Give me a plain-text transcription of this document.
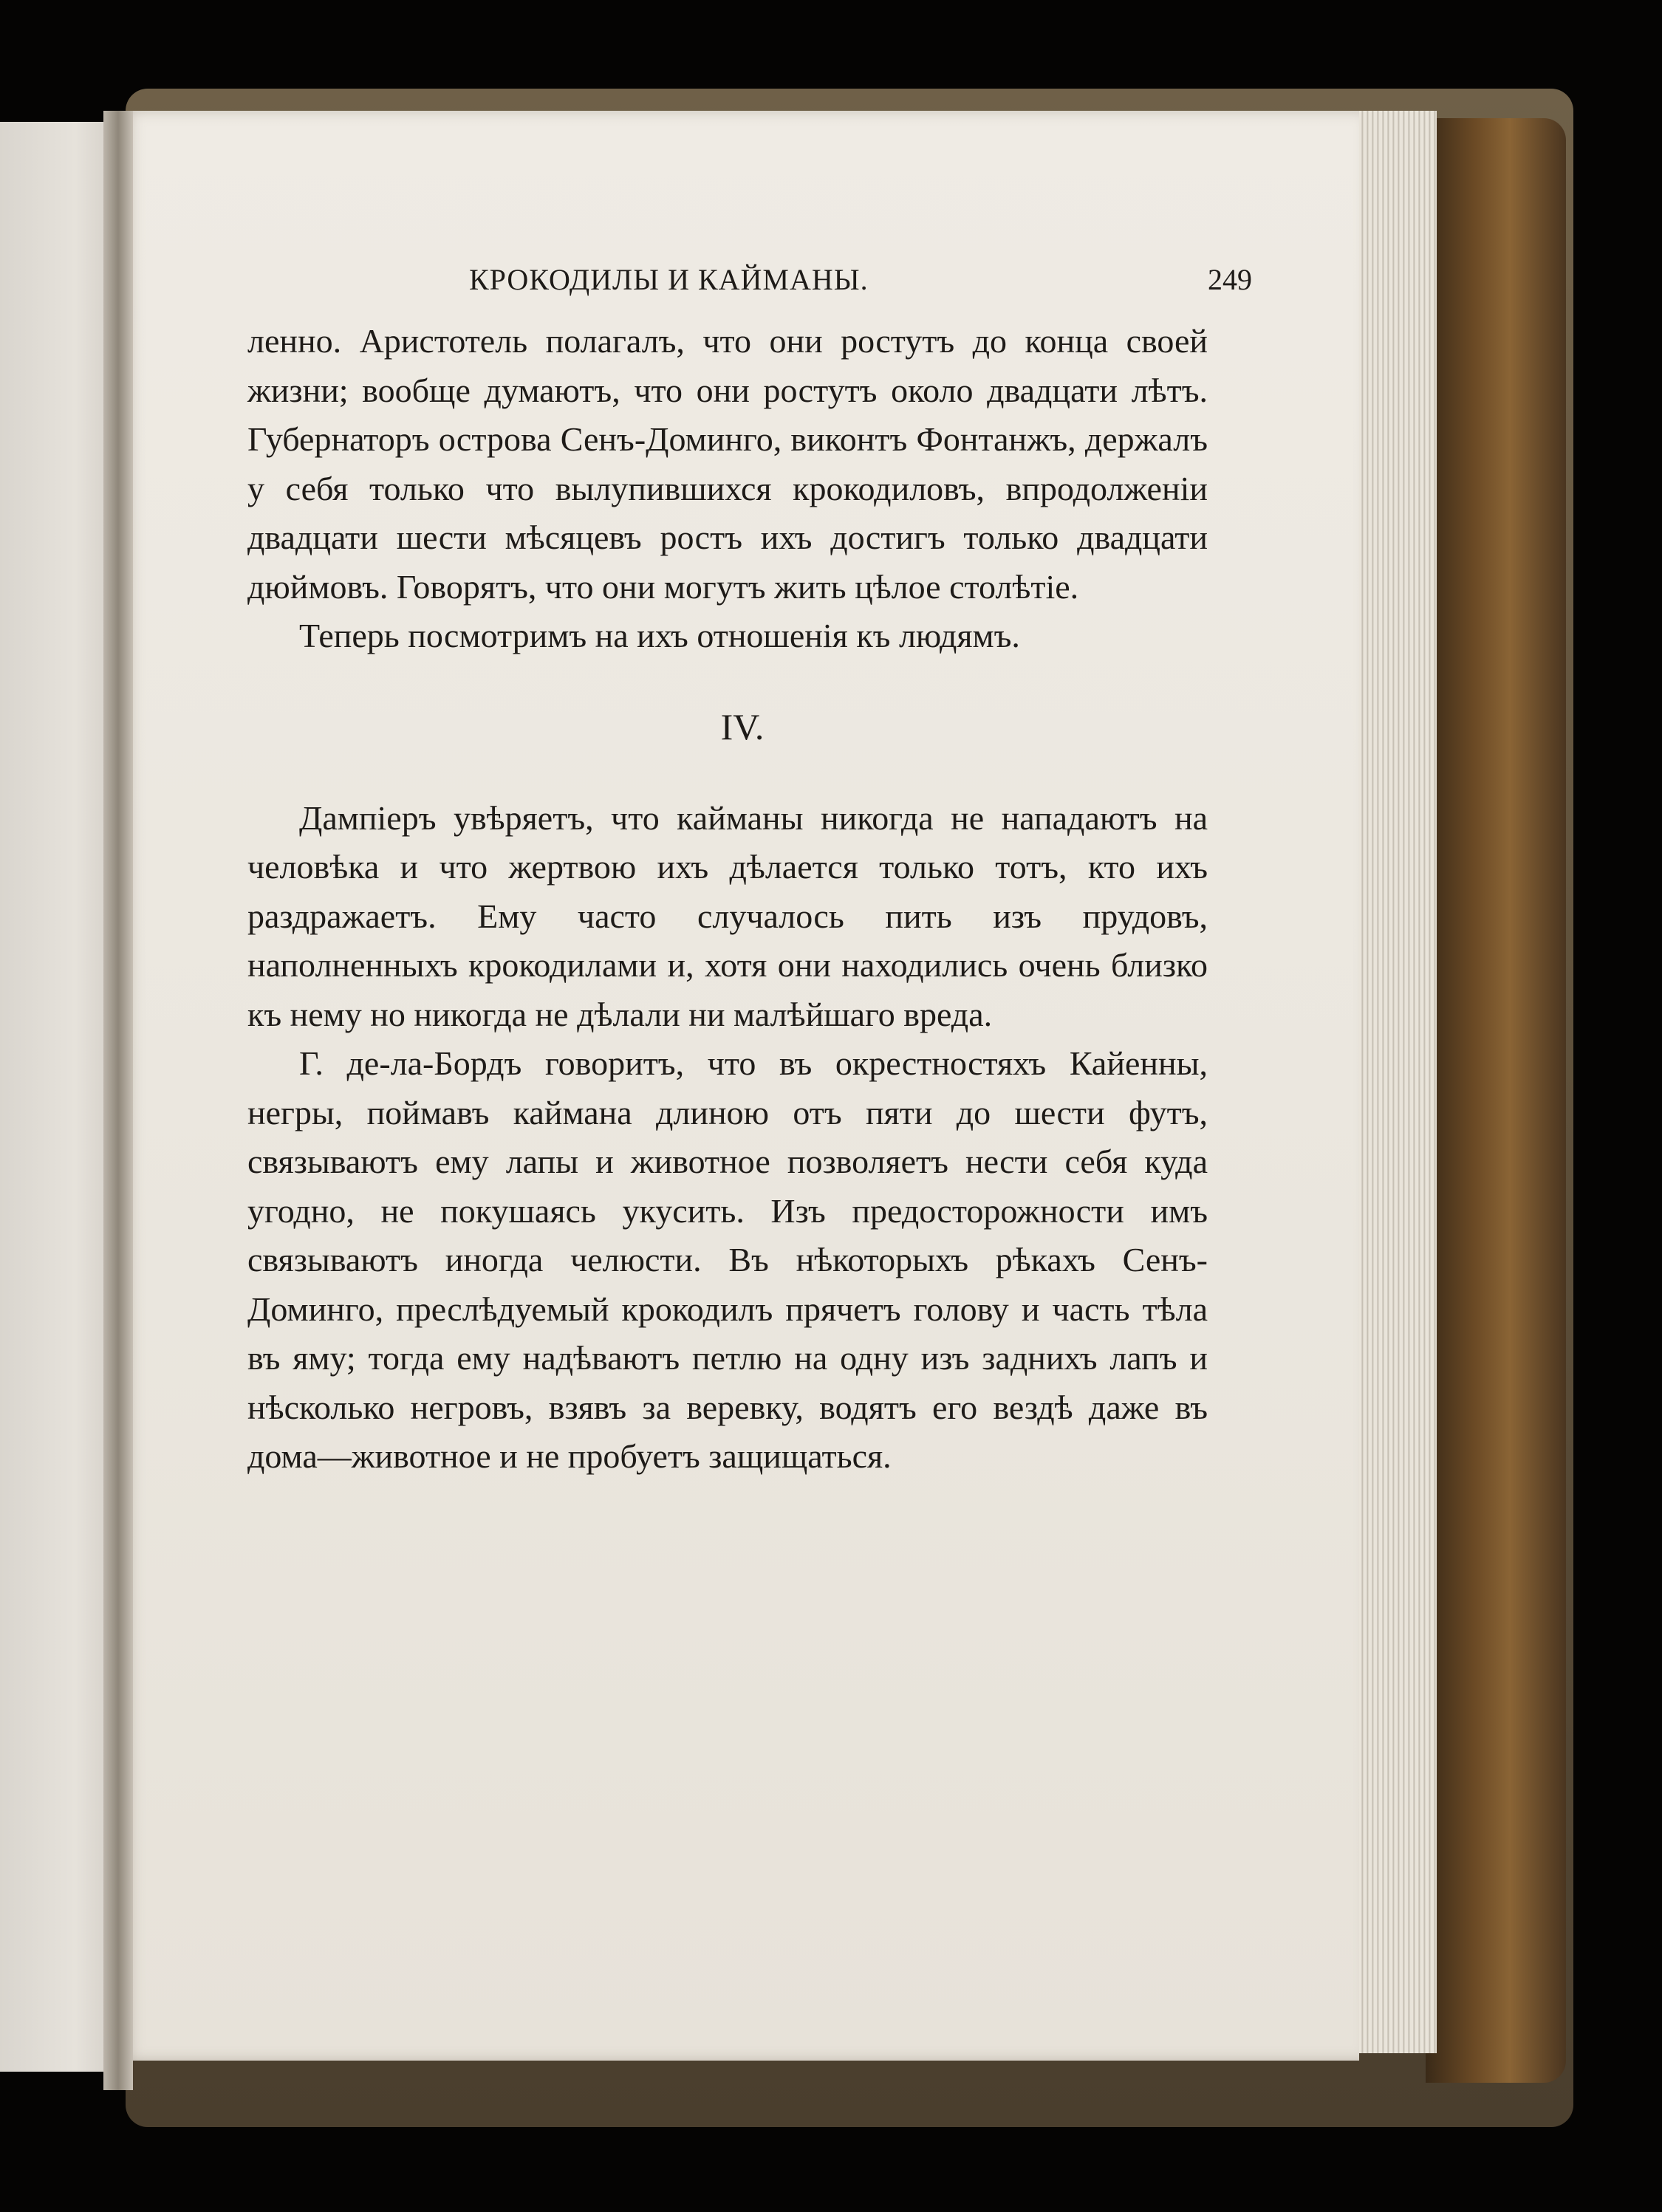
КРОКОДИЛЫ И КАЙМАНЫ.	249

ленно. Аристотель полагалъ, что они ростутъ до конца своей жизни; вообще думаютъ, что они ростутъ около двадцати лѣтъ. Губернаторъ острова Сенъ-Доминго, виконтъ Фонтанжъ, держалъ у себя только что вылупившихся крокодиловъ, впродолженіи двадцати шести мѣсяцевъ ростъ ихъ достигъ только двадцати дюймовъ. Говорятъ, что они могутъ жить цѣлое столѣтіе.

Теперь посмотримъ на ихъ отношенія къ людямъ.

IV.

Дампіеръ увѣряетъ, что кайманы никогда не нападаютъ на человѣка и что жертвою ихъ дѣлается только тотъ, кто ихъ раздражаетъ. Ему часто случалось пить изъ прудовъ, наполненныхъ крокодилами и, хотя они находились очень близко къ нему но никогда не дѣлали ни малѣйшаго вреда.

Г. де-ла-Бордъ говоритъ, что въ окрестностяхъ Кайенны, негры, поймавъ каймана длиною отъ пяти до шести футъ, связываютъ ему лапы и животное позволяетъ нести себя куда угодно, не покушаясь укусить. Изъ предосторожности имъ связываютъ иногда челюсти. Въ нѣкоторыхъ рѣкахъ Сенъ-Доминго, преслѣдуемый крокодилъ прячетъ голову и часть тѣла въ яму; тогда ему надѣваютъ петлю на одну изъ заднихъ лапъ и нѣсколько негровъ, взявъ за веревку, водятъ его вездѣ даже въ дома—животное и не пробуетъ защищаться.
